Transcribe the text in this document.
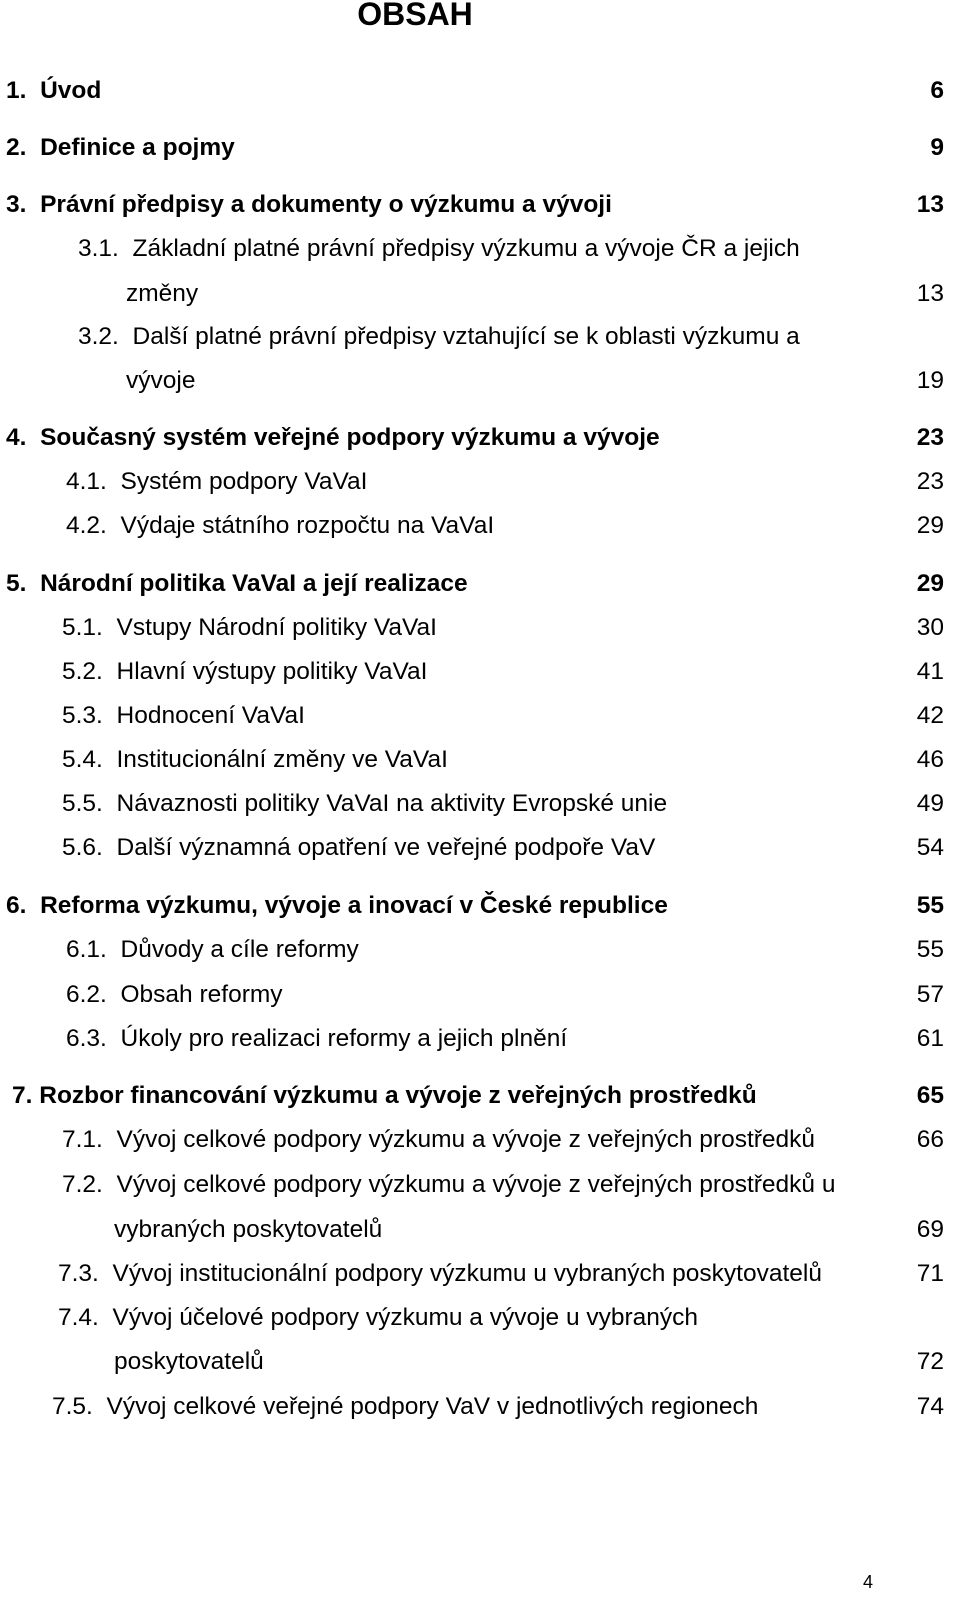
OBSAH
1. Úvod	6
2. Definice a pojmy	9
3. Právní předpisy a dokumenty o výzkumu a vývoji	13
3.1. Základní platné právní předpisy výzkumu a vývoje ČR a jejich
změny	13
3.2. Další platné právní předpisy vztahující se k oblasti výzkumu a
vývoje	19
4. Současný systém veřejné podpory výzkumu a vývoje	23
4.1. Systém podpory VaVaI	23
4.2. Výdaje státního rozpočtu na VaVaI	29
5. Národní politika VaVaI a její realizace	29
5.1. Vstupy Národní politiky VaVaI	30
5.2. Hlavní výstupy politiky VaVaI	41
5.3. Hodnocení VaVaI	42
5.4. Institucionální změny ve VaVaI	46
5.5. Návaznosti politiky VaVaI na aktivity Evropské unie	49
5.6. Další významná opatření ve veřejné podpoře VaV	54
6. Reforma výzkumu, vývoje a inovací v České republice	55
6.1. Důvody a cíle reformy	55
6.2. Obsah reformy	57
6.3. Úkoly pro realizaci reformy a jejich plnění	61
7. Rozbor financování výzkumu a vývoje z veřejných prostředků	65
7.1. Vývoj celkové podpory výzkumu a vývoje z veřejných prostředků	66
7.2. Vývoj celkové podpory výzkumu a vývoje z veřejných prostředků u
vybraných poskytovatelů	69
7.3. Vývoj institucionální podpory výzkumu u vybraných poskytovatelů	71
7.4. Vývoj účelové podpory výzkumu a vývoje u vybraných
poskytovatelů	72
7.5. Vývoj celkové veřejné podpory VaV v jednotlivých regionech	74
4
